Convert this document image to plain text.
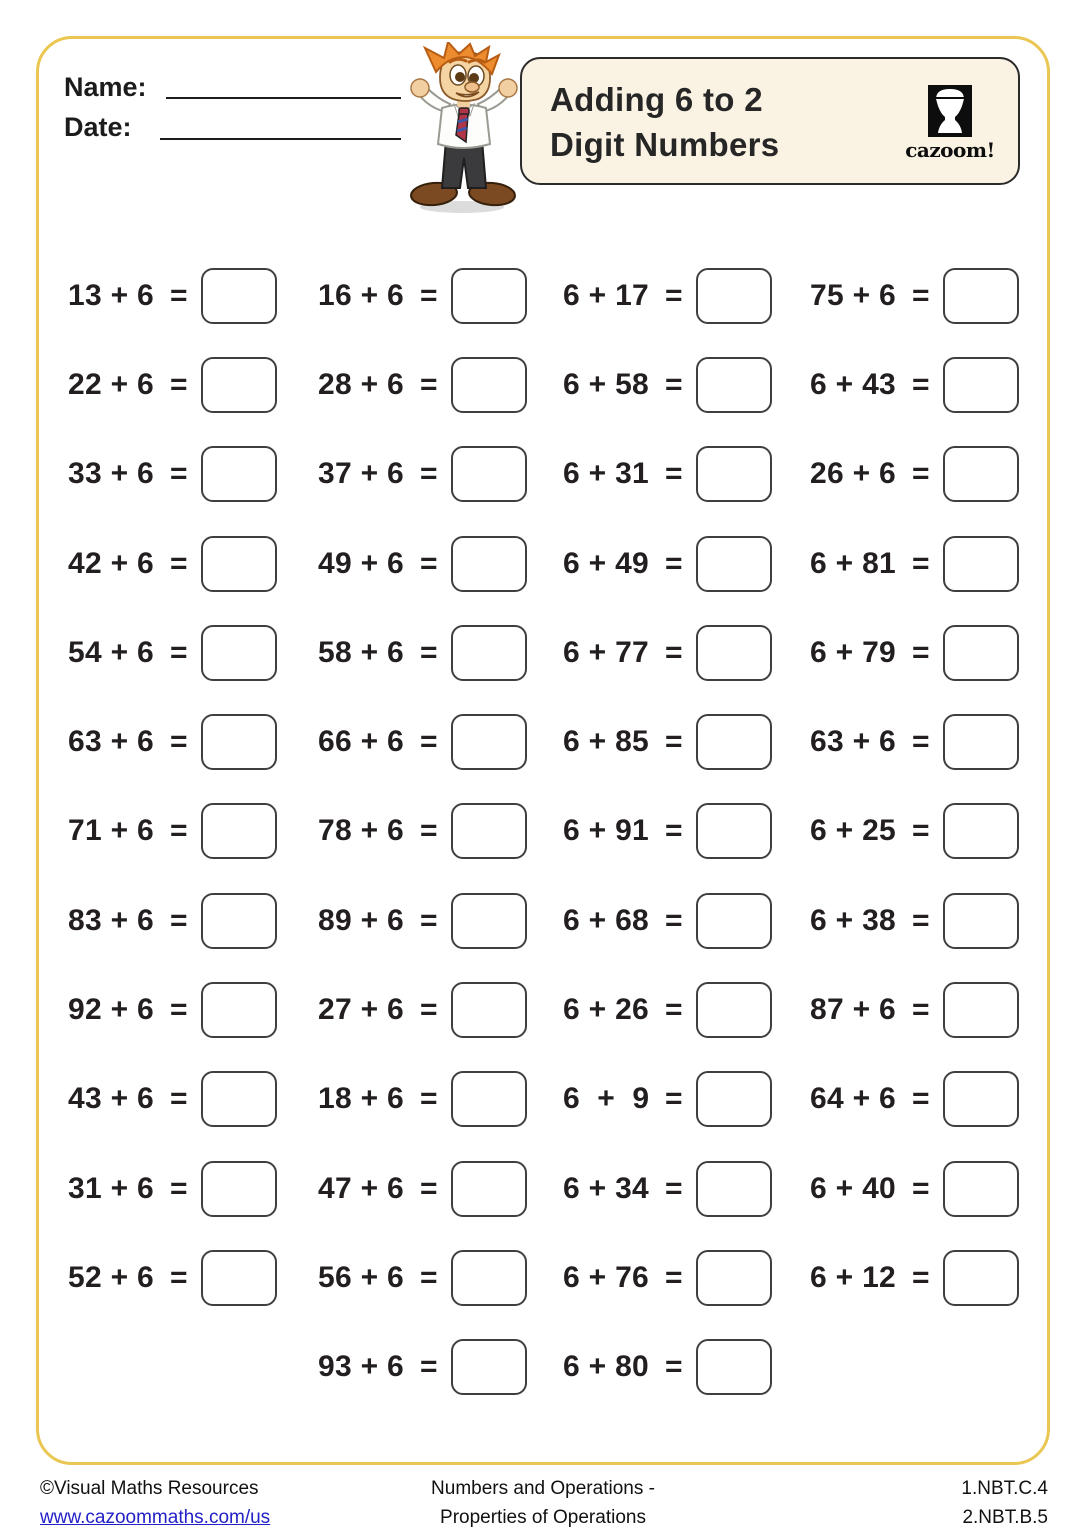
Name:
Date:
Adding 6 to 2
Digit Numbers	cazoom!
13 + 6 =	16 + 6 =	6 + 17 =	75 + 6 =
22 + 6 =	28 + 6 =	6 + 58 =	6 + 43 =
33 + 6 =	37 + 6 =	6 + 31 =	26 + 6 =
42 + 6 =	49 + 6 =	6 + 49 =	6 + 81 =
54 + 6 =	58 + 6 =	6 + 77 =	6 + 79 =
63 + 6 =	66 + 6 =	6 + 85 =	63 + 6 =
71 + 6 =	78 + 6 =	6 + 91 =	6 + 25 =
83 + 6 =	89 + 6 =	6 + 68 =	6 + 38 =
92 + 6 =	27 + 6 =	6 + 26 =	87 + 6 =
43 + 6 =	18 + 6 =	6  +  9 =	64 + 6 =
31 + 6 =	47 + 6 =	6 + 34 =	6 + 40 =
52 + 6 =	56 + 6 =	6 + 76 =	6 + 12 =
93 + 6 =	6 + 80 =
©Visual Maths Resources
www.cazoommaths.com/us
Numbers and Operations -
Properties of Operations
1.NBT.C.4
2.NBT.B.5
